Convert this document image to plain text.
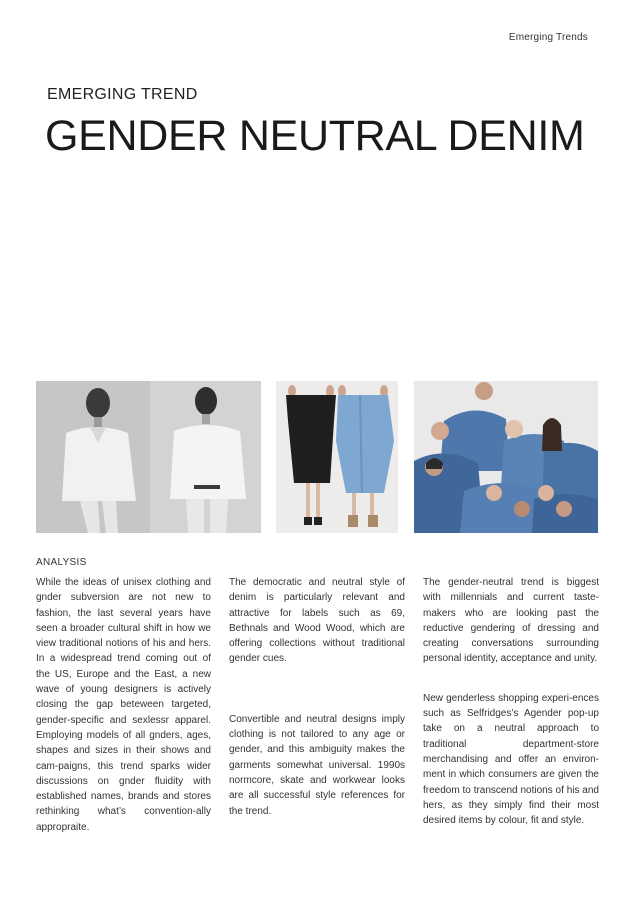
Emerging Trends
EMERGING TREND
GENDER NEUTRAL DENIM
ANALYSIS

While the ideas of unisex clothing and gnder subversion are not new to fashion, the last several years have seen a broader cultural shift in how we view traditional notions of his and hers. In a widespread trend coming out of the US, Europe and the East, a new wave of young designers is actively closing the gap beteween targeted, gender-specific and sexlessr apparel. Employing models of all gnders, ages, shapes and sizes in their shows and cam-paigns, this trend sparks wider discussions on gnder fluidity with established names, brands and stores rethinking what’s convention-ally appropraite.

The democratic and neutral style of denim is particularly relevant and attractive for labels such as 69, Bethnals and Wood Wood, which are offering collections without traditional gender cues.

Convertible and neutral designs imply clothing is not tailored to any age or gender, and this ambiguity makes the garments somewhat universal. 1990s normcore, skate and workwear looks are all successful style references for the trend.

The gender-neutral trend is biggest with millennials and current taste-makers who are looking past the reductive gendering of dressing and creating conversations surrounding personal identity, acceptance and unity.

New genderless shopping experi-ences such as Selfridges’s Agender pop-up take on a neutral approach to traditional department-store merchandising and offer an environ-ment in which consumers are given the freedom to transcend notions of his and hers, as they simply find their most desired items by colour, fit and style.
